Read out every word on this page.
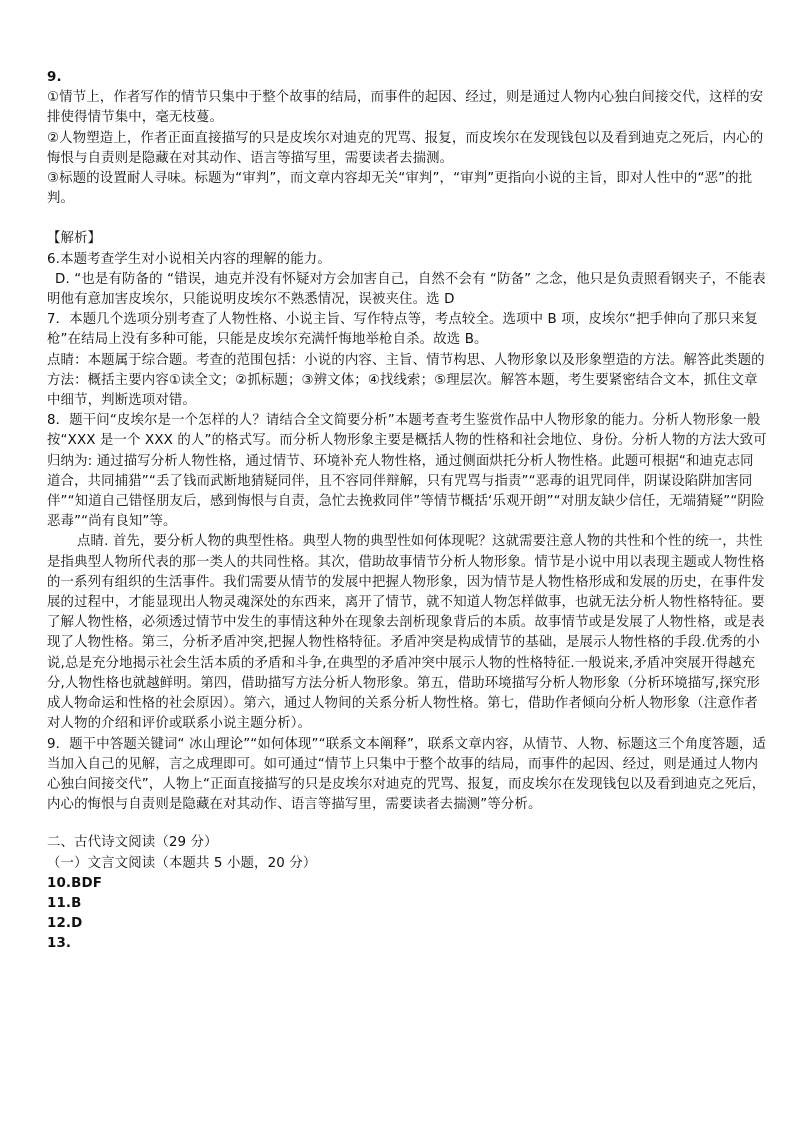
9.
①情节上，作者写作的情节只集中于整个故事的结局，而事件的起因、经过，则是通过人物内心独白间接交代，这样的安排使得情节集中，毫无枝蔓。
②人物塑造上，作者正面直接描写的只是皮埃尔对迪克的咒骂、报复，而皮埃尔在发现钱包以及看到迪克之死后，内心的悔恨与自责则是隐藏在对其动作、语言等描写里，需要读者去揣测。
③标题的设置耐人寻味。标题为“审判”，而文章内容却无关“审判”，“审判”更指向小说的主旨，即对人性中的“恶”的批判。
【解析】
6.本题考查学生对小说相关内容的理解的能力。
D. “也是有防备的 “错误，迪克并没有怀疑对方会加害自己，自然不会有 “防备” 之念，他只是负责照看钢夹子，不能表明他有意加害皮埃尔，只能说明皮埃尔不熟悉情况，误被夹住。选 D
7．本题几个选项分别考查了人物性格、小说主旨、写作特点等，考点较全。选项中 B 项，皮埃尔“把手伸向了那只来复枪”在结局上没有多种可能，只能是皮埃尔充满忏悔地举枪自杀。故选 B。
点睛：本题属于综合题。考查的范围包括：小说的内容、主旨、情节构思、人物形象以及形象塑造的方法。解答此类题的方法：概括主要内容①读全文；②抓标题；③辨文体；④找线索；⑤理层次。解答本题，考生要紧密结合文本，抓住文章中细节，判断选项对错。
8．题干问“皮埃尔是一个怎样的人？请结合全文简要分析”本题考查考生鉴赏作品中人物形象的能力。分析人物形象一般按“XXX 是一个 XXX 的人”的格式写。而分析人物形象主要是概括人物的性格和社会地位、身份。分析人物的方法大致可归纳为: 通过描写分析人物性格，通过情节、环境补充人物性格，通过侧面烘托分析人物性格。此题可根据“和迪克志同道合，共同捕猎”“丢了钱而武断地猜疑同伴，且不容同伴辩解，只有咒骂与指责”“恶毒的诅咒同伴，阴谋设陷阱加害同伴”“知道自己错怪朋友后，感到悔恨与自责，急忙去挽救同伴”等情节概括‘乐观开朗”“对朋友缺少信任，无端猜疑”“阴险恶毒”“尚有良知”等。
点睛. 首先，要分析人物的典型性格。典型人物的典型性如何体现呢？这就需要注意人物的共性和个性的统一，共性是指典型人物所代表的那一类人的共同性格。其次，借助故事情节分析人物形象。情节是小说中用以表现主题或人物性格的一系列有组织的生活事件。我们需要从情节的发展中把握人物形象，因为情节是人物性格形成和发展的历史，在事件发展的过程中，才能显现出人物灵魂深处的东西来，离开了情节，就不知道人物怎样做事，也就无法分析人物性格特征。要了解人物性格，必须透过情节中发生的事情这种外在现象去剖析现象背后的本质。故事情节或是发展了人物性格，或是表现了人物性格。第三，分析矛盾冲突,把握人物性格特征。矛盾冲突是构成情节的基础，是展示人物性格的手段.优秀的小说,总是充分地揭示社会生活本质的矛盾和斗争,在典型的矛盾冲突中展示人物的性格特征.一般说来,矛盾冲突展开得越充分,人物性格也就越鲜明。第四，借助描写方法分析人物形象。第五，借助环境描写分析人物形象（分析环境描写,探究形成人物命运和性格的社会原因）。第六，通过人物间的关系分析人物性格。第七，借助作者倾向分析人物形象（注意作者对人物的介绍和评价或联系小说主题分析）。
9．题干中答题关键词“ 冰山理论”“如何体现”“联系文本阐释”，联系文章内容，从情节、人物、标题这三个角度答题，适当加入自己的见解，言之成理即可。如可通过“情节上只集中于整个故事的结局，而事件的起因、经过，则是通过人物内心独白间接交代”，人物上“正面直接描写的只是皮埃尔对迪克的咒骂、报复，而皮埃尔在发现钱包以及看到迪克之死后，内心的悔恨与自责则是隐藏在对其动作、语言等描写里，需要读者去揣测”等分析。
二、古代诗文阅读（29 分）
（一）文言文阅读（本题共 5 小题，20 分）
10.BDF
11.B
12.D
13.
